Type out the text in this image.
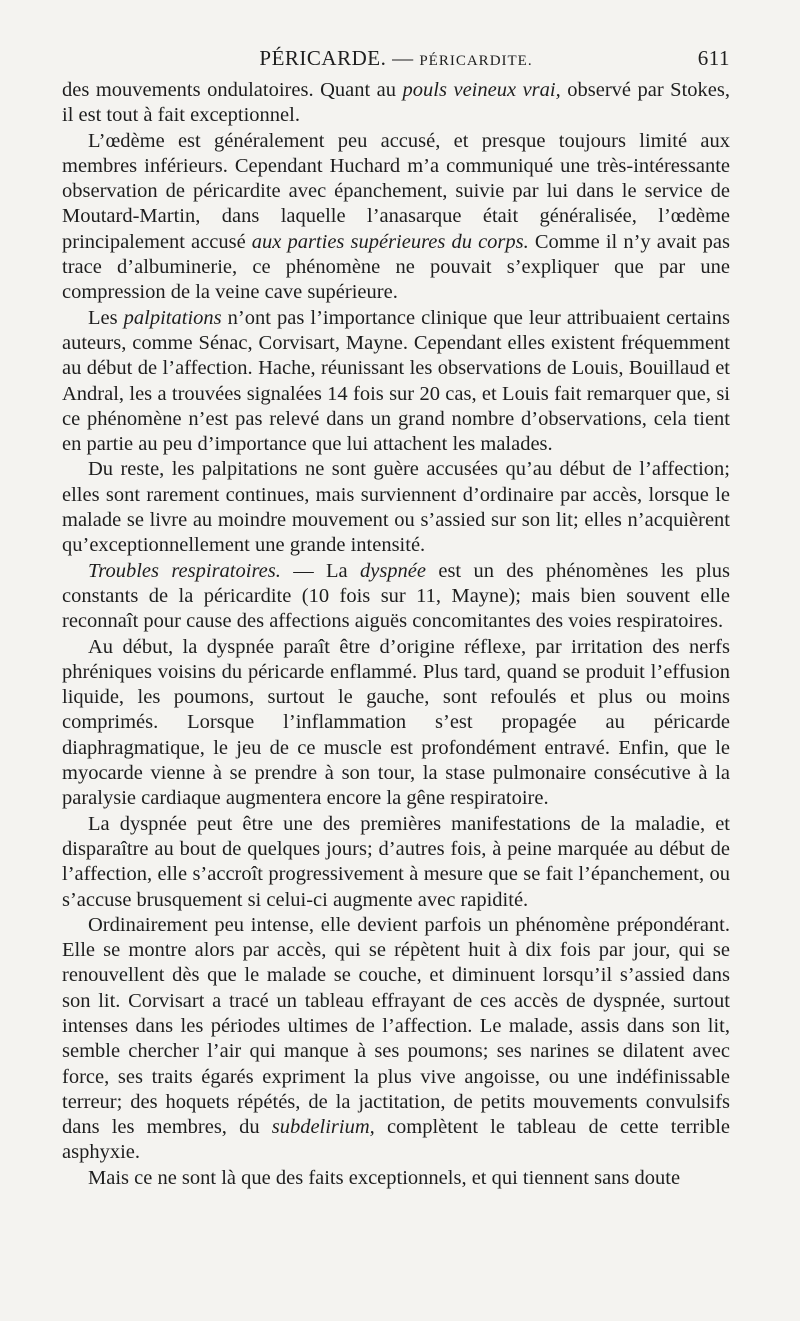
PÉRICARDE. — PÉRICARDITE.	611

des mouvements ondulatoires. Quant au pouls veineux vrai, observé par Stokes, il est tout à fait exceptionnel.

L’œdème est généralement peu accusé, et presque toujours limité aux membres inférieurs. Cependant Huchard m’a communiqué une très-intéressante observation de péricardite avec épanchement, suivie par lui dans le service de Moutard-Martin, dans laquelle l’anasarque était généralisée, l’œdème principalement accusé aux parties supérieures du corps. Comme il n’y avait pas trace d’albuminerie, ce phénomène ne pouvait s’expliquer que par une compression de la veine cave supérieure.

Les palpitations n’ont pas l’importance clinique que leur attribuaient certains auteurs, comme Sénac, Corvisart, Mayne. Cependant elles existent fréquemment au début de l’affection. Hache, réunissant les observations de Louis, Bouillaud et Andral, les a trouvées signalées 14 fois sur 20 cas, et Louis fait remarquer que, si ce phénomène n’est pas relevé dans un grand nombre d’observations, cela tient en partie au peu d’importance que lui attachent les malades.

Du reste, les palpitations ne sont guère accusées qu’au début de l’affection; elles sont rarement continues, mais surviennent d’ordinaire par accès, lorsque le malade se livre au moindre mouvement ou s’assied sur son lit; elles n’acquièrent qu’exceptionnellement une grande intensité.

Troubles respiratoires. — La dyspnée est un des phénomènes les plus constants de la péricardite (10 fois sur 11, Mayne); mais bien souvent elle reconnaît pour cause des affections aiguës concomitantes des voies respiratoires.

Au début, la dyspnée paraît être d’origine réflexe, par irritation des nerfs phréniques voisins du péricarde enflammé. Plus tard, quand se produit l’effusion liquide, les poumons, surtout le gauche, sont refoulés et plus ou moins comprimés. Lorsque l’inflammation s’est propagée au péricarde diaphragmatique, le jeu de ce muscle est profondément entravé. Enfin, que le myocarde vienne à se prendre à son tour, la stase pulmonaire consécutive à la paralysie cardiaque augmentera encore la gêne respiratoire.

La dyspnée peut être une des premières manifestations de la maladie, et disparaître au bout de quelques jours; d’autres fois, à peine marquée au début de l’affection, elle s’accroît progressivement à mesure que se fait l’épanchement, ou s’accuse brusquement si celui-ci augmente avec rapidité.

Ordinairement peu intense, elle devient parfois un phénomène prépondérant. Elle se montre alors par accès, qui se répètent huit à dix fois par jour, qui se renouvellent dès que le malade se couche, et diminuent lorsqu’il s’assied dans son lit. Corvisart a tracé un tableau effrayant de ces accès de dyspnée, surtout intenses dans les périodes ultimes de l’affection. Le malade, assis dans son lit, semble chercher l’air qui manque à ses poumons; ses narines se dilatent avec force, ses traits égarés expriment la plus vive angoisse, ou une indéfinissable terreur; des hoquets répétés, de la jactitation, de petits mouvements convulsifs dans les membres, du subdelirium, complètent le tableau de cette terrible asphyxie.

Mais ce ne sont là que des faits exceptionnels, et qui tiennent sans doute
